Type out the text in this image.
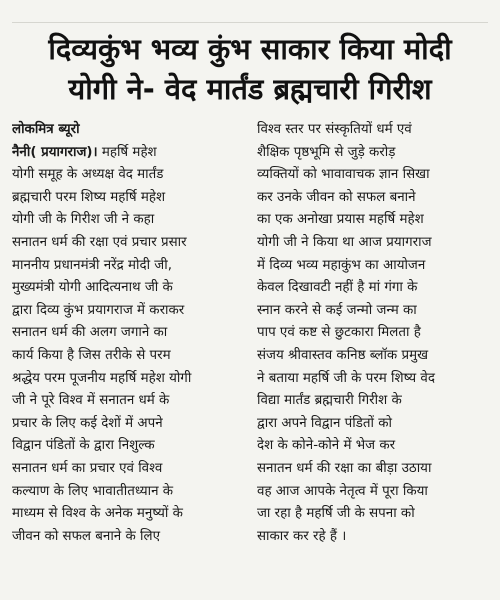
दिव्यकुंभ भव्य कुंभ साकार किया मोदी
योगी ने- वेद मार्तंड ब्रह्मचारी गिरीश
लोकमित्र ब्यूरो
नैनी( प्रयागराज)। महर्षि महेश
योगी समूह के अध्यक्ष वेद मार्तंड
ब्रह्मचारी परम शिष्य महर्षि महेश
योगी जी के गिरीश जी ने कहा
सनातन धर्म की रक्षा एवं प्रचार प्रसार
माननीय प्रधानमंत्री नरेंद्र मोदी जी,
मुख्यमंत्री योगी आदित्यनाथ जी के
द्वारा दिव्य कुंभ प्रयागराज में कराकर
सनातन धर्म की अलग जगाने का
कार्य किया है जिस तरीके से परम
श्रद्धेय परम पूजनीय महर्षि महेश योगी
जी ने पूरे विश्व में सनातन धर्म के
प्रचार के लिए कई देशों में अपने
विद्वान पंडितों के द्वारा निशुल्क
सनातन धर्म का प्रचार एवं विश्व
कल्याण के लिए भावातीतध्यान के
माध्यम से विश्व के अनेक मनुष्यों के
जीवन को सफल बनाने के लिए
विश्व स्तर पर संस्कृतियों धर्म एवं
शैक्षिक पृष्ठभूमि से जुड़े करोड़
व्यक्तियों को भावावाचक ज्ञान सिखा
कर उनके जीवन को सफल बनाने
का एक अनोखा प्रयास महर्षि महेश
योगी जी ने किया था आज प्रयागराज
में दिव्य भव्य महाकुंभ का आयोजन
केवल दिखावटी नहीं है मां गंगा के
स्नान करने से कई जन्मो जन्म का
पाप एवं कष्ट से छुटकारा मिलता है
संजय श्रीवास्तव कनिष्ठ ब्लॉक प्रमुख
ने बताया महर्षि जी के परम शिष्य वेद
विद्या मार्तंड ब्रह्मचारी गिरीश के
द्वारा अपने विद्वान पंडितों को
देश के कोने-कोने में भेज कर
सनातन धर्म की रक्षा का बीड़ा उठाया
वह आज आपके नेतृत्व में पूरा किया
जा रहा है महर्षि जी के सपना को
साकार कर रहे हैं ।
